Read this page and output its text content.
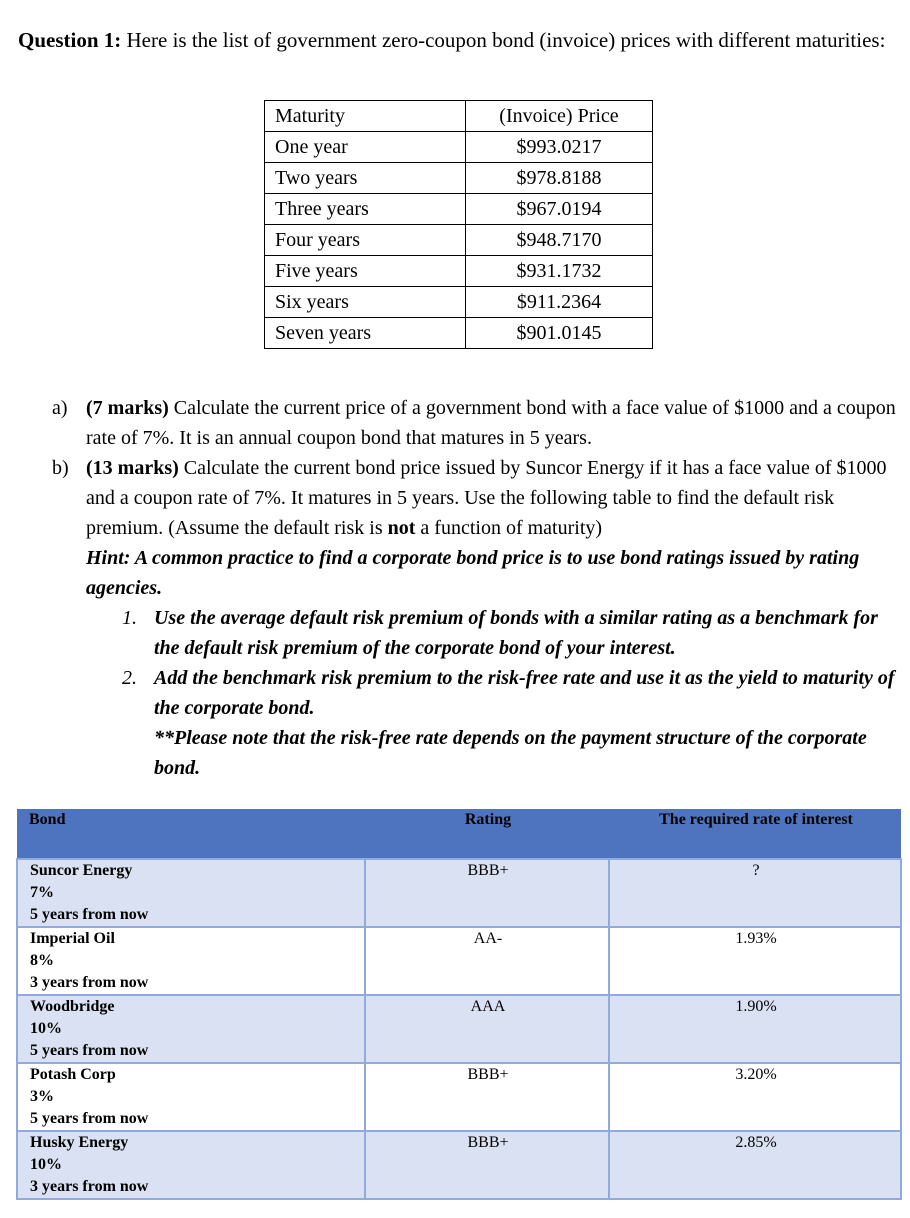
Question 1: Here is the list of government zero-coupon bond (invoice) prices with different maturities:
Maturity	(Invoice) Price
One year	$993.0217
Two years	$978.8188
Three years	$967.0194
Four years	$948.7170
Five years	$931.1732
Six years	$911.2364
Seven years	$901.0145
a) (7 marks) Calculate the current price of a government bond with a face value of $1000 and a coupon rate of 7%. It is an annual coupon bond that matures in 5 years.
b) (13 marks) Calculate the current bond price issued by Suncor Energy if it has a face value of $1000 and a coupon rate of 7%. It matures in 5 years. Use the following table to find the default risk premium. (Assume the default risk is not a function of maturity)
Hint: A common practice to find a corporate bond price is to use bond ratings issued by rating agencies.
1. Use the average default risk premium of bonds with a similar rating as a benchmark for the default risk premium of the corporate bond of your interest.
2. Add the benchmark risk premium to the risk-free rate and use it as the yield to maturity of the corporate bond.
**Please note that the risk-free rate depends on the payment structure of the corporate bond.
Bond	Rating	The required rate of interest

Suncor Energy
7%
5 years from now	BBB+	?

Imperial Oil
8%
3 years from now	AA-	1.93%

Woodbridge
10%
5 years from now	AAA	1.90%

Potash Corp
3%
5 years from now	BBB+	3.20%

Husky Energy
10%
3 years from now	BBB+	2.85%
